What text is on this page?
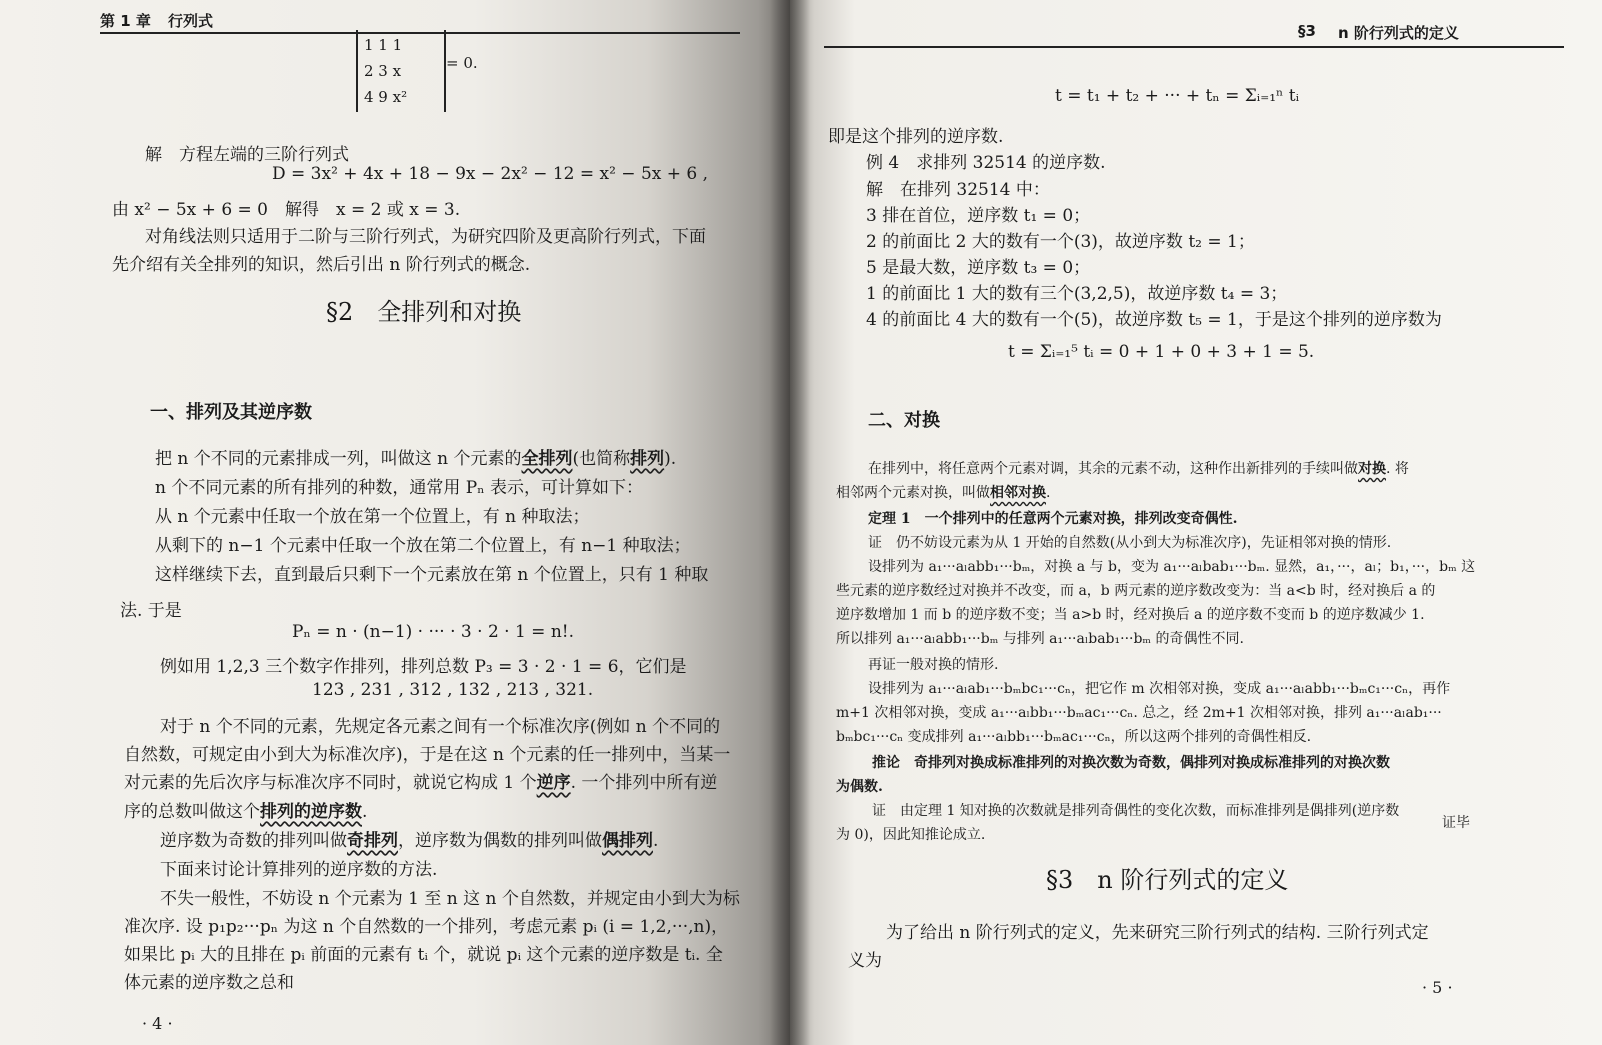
第 1 章 行列式
1 1 1
2 3 x
4 9 x²
= 0.
解　方程左端的三阶行列式
D = 3x² + 4x + 18 − 9x − 2x² − 12 = x² − 5x + 6 ,
由 x² − 5x + 6 = 0　解得　x = 2 或 x = 3.
对角线法则只适用于二阶与三阶行列式，为研究四阶及更高阶行列式，下面
先介绍有关全排列的知识，然后引出 n 阶行列式的概念.
§2　全排列和对换
一、排列及其逆序数
把 n 个不同的元素排成一列，叫做这 n 个元素的全排列(也简称排列).
n 个不同元素的所有排列的种数，通常用 Pₙ 表示，可计算如下：
从 n 个元素中任取一个放在第一个位置上，有 n 种取法；
从剩下的 n−1 个元素中任取一个放在第二个位置上，有 n−1 种取法；
这样继续下去，直到最后只剩下一个元素放在第 n 个位置上，只有 1 种取
法. 于是
Pₙ = n · (n−1) · ··· · 3 · 2 · 1 = n!.
例如用 1,2,3 三个数字作排列，排列总数 P₃ = 3 · 2 · 1 = 6，它们是
123 , 231 , 312 , 132 , 213 , 321.
对于 n 个不同的元素，先规定各元素之间有一个标准次序(例如 n 个不同的
自然数，可规定由小到大为标准次序)，于是在这 n 个元素的任一排列中，当某一
对元素的先后次序与标准次序不同时，就说它构成 1 个逆序. 一个排列中所有逆
序的总数叫做这个排列的逆序数.
逆序数为奇数的排列叫做奇排列，逆序数为偶数的排列叫做偶排列.
下面来讨论计算排列的逆序数的方法.
不失一般性，不妨设 n 个元素为 1 至 n 这 n 个自然数，并规定由小到大为标
准次序. 设 p₁p₂···pₙ 为这 n 个自然数的一个排列，考虑元素 pᵢ (i = 1,2,···,n)，
如果比 pᵢ 大的且排在 pᵢ 前面的元素有 tᵢ 个，就说 pᵢ 这个元素的逆序数是 tᵢ. 全
体元素的逆序数之总和
· 4 ·
§3 n 阶行列式的定义
t = t₁ + t₂ + ··· + tₙ = Σᵢ₌₁ⁿ tᵢ
即是这个排列的逆序数.
例 4　求排列 32514 的逆序数.
解　在排列 32514 中：
3 排在首位，逆序数 t₁ = 0；
2 的前面比 2 大的数有一个(3)，故逆序数 t₂ = 1；
5 是最大数，逆序数 t₃ = 0；
1 的前面比 1 大的数有三个(3,2,5)，故逆序数 t₄ = 3；
4 的前面比 4 大的数有一个(5)，故逆序数 t₅ = 1，于是这个排列的逆序数为
t = Σᵢ₌₁⁵ tᵢ = 0 + 1 + 0 + 3 + 1 = 5.
二、对换
在排列中，将任意两个元素对调，其余的元素不动，这种作出新排列的手续叫做对换. 将
相邻两个元素对换，叫做相邻对换.
定理 1　一个排列中的任意两个元素对换，排列改变奇偶性.
证　仍不妨设元素为从 1 开始的自然数(从小到大为标准次序)，先证相邻对换的情形.
设排列为 a₁···aₗabb₁···bₘ，对换 a 与 b，变为 a₁···aₗbab₁···bₘ. 显然，a₁，···，aₗ；b₁，···，bₘ 这
些元素的逆序数经过对换并不改变，而 a，b 两元素的逆序数改变为：当 a<b 时，经对换后 a 的
逆序数增加 1 而 b 的逆序数不变；当 a>b 时，经对换后 a 的逆序数不变而 b 的逆序数减少 1.
所以排列 a₁···aₗabb₁···bₘ 与排列 a₁···aₗbab₁···bₘ 的奇偶性不同.
再证一般对换的情形.
设排列为 a₁···aₗab₁···bₘbc₁···cₙ，把它作 m 次相邻对换，变成 a₁···aₗabb₁···bₘc₁···cₙ，再作
m+1 次相邻对换，变成 a₁···aₗbb₁···bₘac₁···cₙ. 总之，经 2m+1 次相邻对换，排列 a₁···aₗab₁···
bₘbc₁···cₙ 变成排列 a₁···aₗbb₁···bₘac₁···cₙ，所以这两个排列的奇偶性相反.
推论　奇排列对换成标准排列的对换次数为奇数，偶排列对换成标准排列的对换次数
为偶数.
证　由定理 1 知对换的次数就是排列奇偶性的变化次数，而标准排列是偶排列(逆序数
证毕
为 0)，因此知推论成立.
§3　n 阶行列式的定义
为了给出 n 阶行列式的定义，先来研究三阶行列式的结构. 三阶行列式定
义为
· 5 ·
